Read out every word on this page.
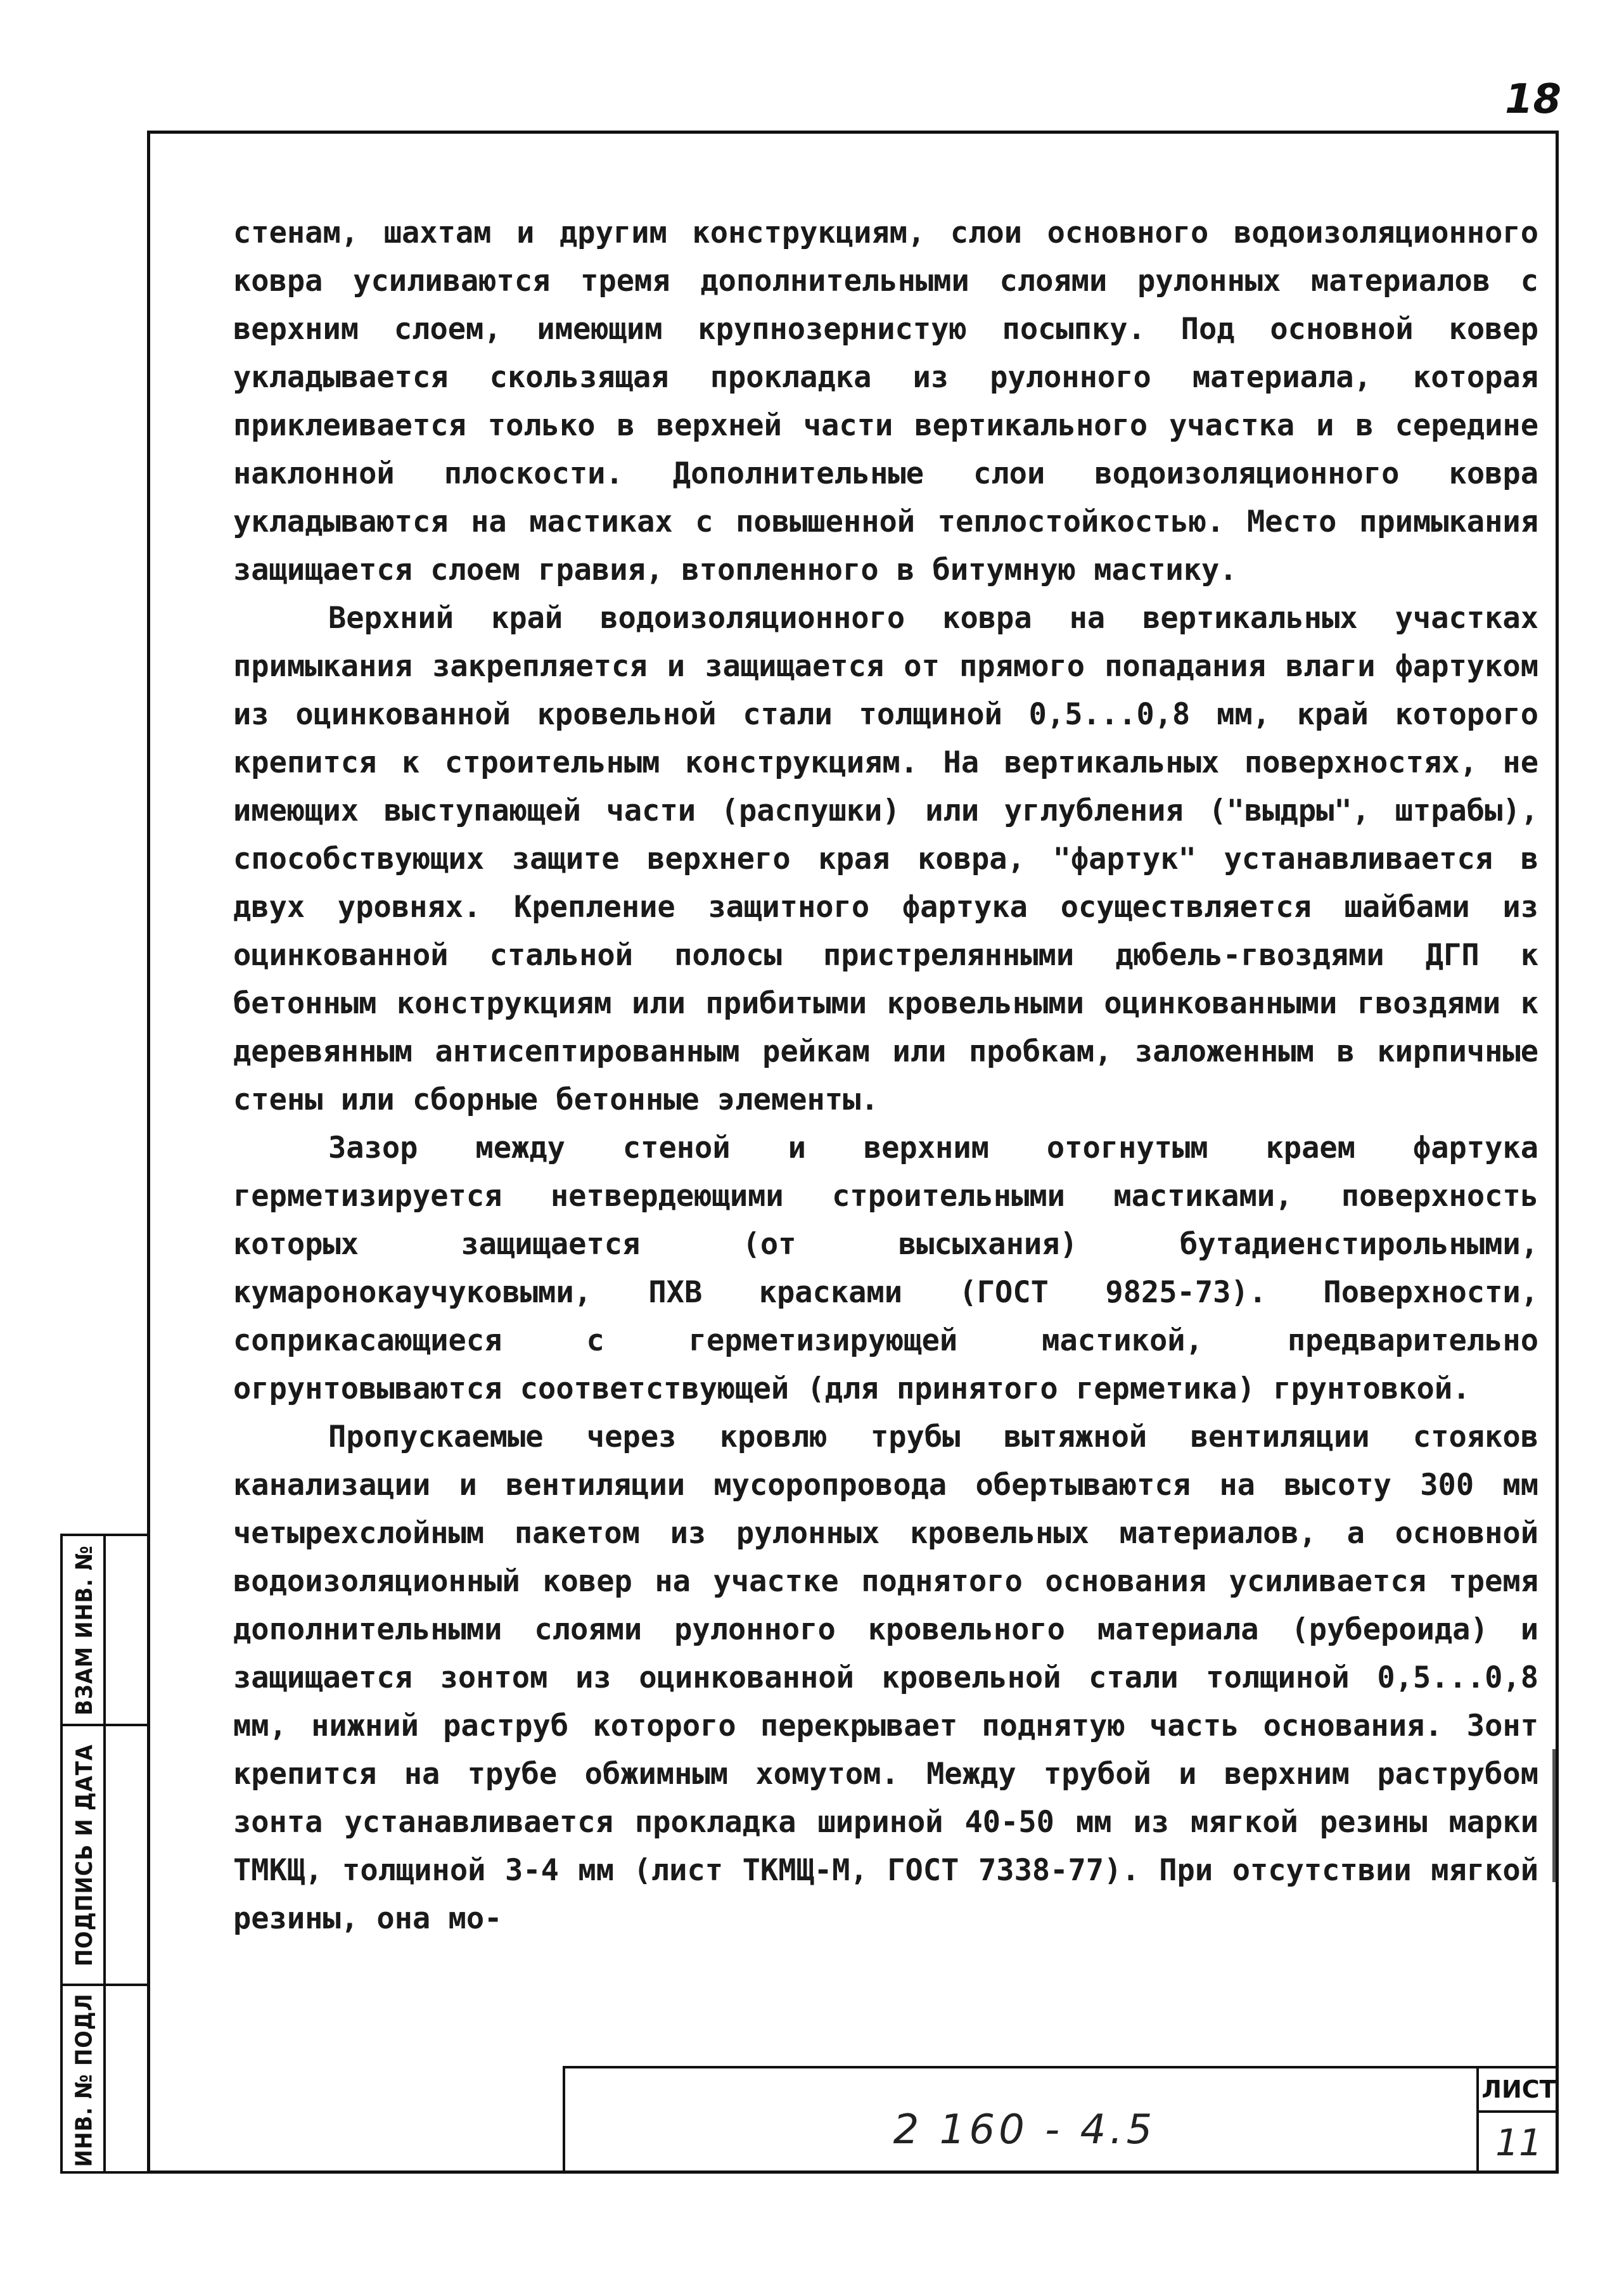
18

стенам, шахтам и другим конструкциям, слои основного водоизоляционного ковра усиливаются тремя дополнительными слоями рулонных материалов с верхним слоем, имеющим крупнозернистую посыпку. Под основной ковер укладывается скользящая прокладка из рулонного материала, которая приклеивается только в верхней части вертикального участка и в середине наклонной плоскости. Дополнительные слои водоизоляционного ковра укладываются на мастиках с повышенной теплостойкостью. Место примыкания защищается слоем гравия, втопленного в битумную мастику.

Верхний край водоизоляционного ковра на вертикальных участках примыкания закрепляется и защищается от прямого попадания влаги фартуком из оцинкованной кровельной стали толщиной 0,5...0,8 мм, край которого крепится к строительным конструкциям. На вертикальных поверхностях, не имеющих выступающей части (распушки) или углубления ("выдры", штрабы), способствующих защите верхнего края ковра, "фартук" устанавливается в двух уровнях. Крепление защитного фартука осуществляется шайбами из оцинкованной стальной полосы пристрелянными дюбель-гвоздями ДГП к бетонным конструкциям или прибитыми кровельными оцинкованными гвоздями к деревянным антисептированным рейкам или пробкам, заложенным в кирпичные стены или сборные бетонные элементы.

Зазор между стеной и верхним отогнутым краем фартука герметизируется нетвердеющими строительными мастиками, поверхность которых защищается (от высыхания) бутадиенстирольными, кумаронокаучуковыми, ПХВ красками (ГОСТ 9825-73). Поверхности, соприкасающиеся с герметизирующей мастикой, предварительно огрунтовываются соответствующей (для принятого герметика) грунтовкой.

Пропускаемые через кровлю трубы вытяжной вентиляции стояков канализации и вентиляции мусоропровода обертываются на высоту 300 мм четырехслойным пакетом из рулонных кровельных материалов, а основной водоизоляционный ковер на участке поднятого основания усиливается тремя дополнительными слоями рулонного кровельного материала (рубероида) и защищается зонтом из оцинкованной кровельной стали толщиной 0,5...0,8 мм, нижний раструб которого перекрывает поднятую часть основания. Зонт крепится на трубе обжимным хомутом. Между трубой и верхним раструбом зонта устанавливается прокладка шириной 40-50 мм из мягкой резины марки ТМКЩ, толщиной 3-4 мм (лист ТКМЩ-М, ГОСТ 7338-77). При отсутствии мягкой резины, она мо-

ВЗАМ ИНВ. №
ПОДПИСЬ И ДАТА
ИНВ. № ПОДЛ	2 160 - 4.5
ЛИСТ
11
